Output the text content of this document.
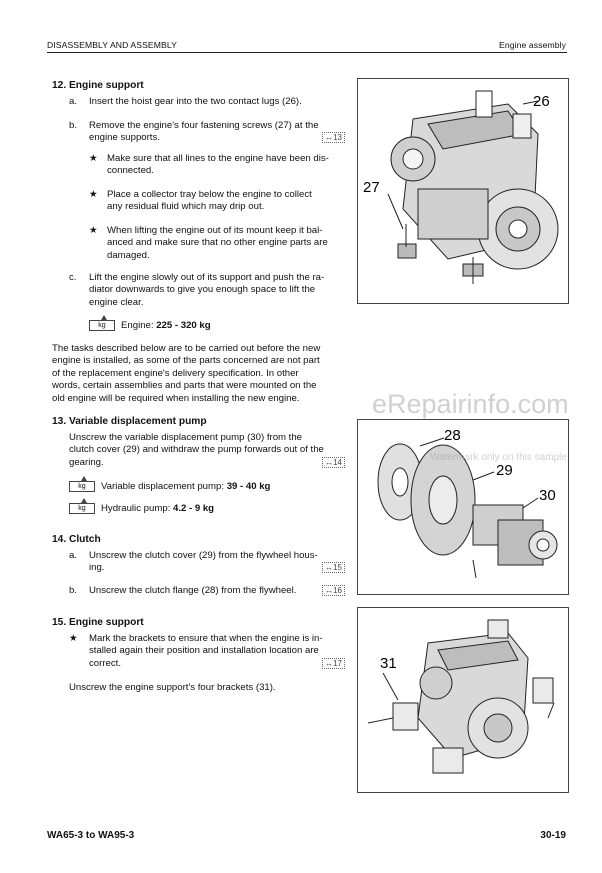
DISASSEMBLY AND ASSEMBLY	Engine assembly
12. Engine support
a. Insert the hoist gear into the two contact lugs (26).
b. Remove the engine's four fastening screws (27) at the
engine supports.	↔13
★ Make sure that all lines to the engine have been dis-
connected.
★ Place a collector tray below the engine to collect
any residual fluid which may drip out.
★ When lifting the engine out of its mount keep it bal-
anced and make sure that no other engine parts are
damaged.
c. Lift the engine slowly out of its support and push the ra-
diator downwards to give you enough space to lift the
engine clear.
kg Engine: 225 - 320 kg
The tasks described below are to be carried out before the new
engine is installed, as some of the parts concerned are not part
of the replacement engine's delivery specification. In other
words, certain assemblies and parts that were mounted on the
old engine will be required when installing the new engine.
13. Variable displacement pump
Unscrew the variable displacement pump (30) from the
clutch cover (29) and withdraw the pump forwards out of the
gearing.	↔14
kg Variable displacement pump: 39 - 40 kg
kg Hydraulic pump: 4.2 - 9 kg
14. Clutch
a. Unscrew the clutch cover (29) from the flywheel hous-
ing.	↔15
b. Unscrew the clutch flange (28) from the flywheel.	↔16
15. Engine support
★ Mark the brackets to ensure that when the engine is in-
stalled again their position and installation location are
correct.	↔17
Unscrew the engine support's four brackets (31).
26
27
28
29
30
31
eRepairinfo.com
Watermark only on this sample
WA65-3 to WA95-3	30-19
